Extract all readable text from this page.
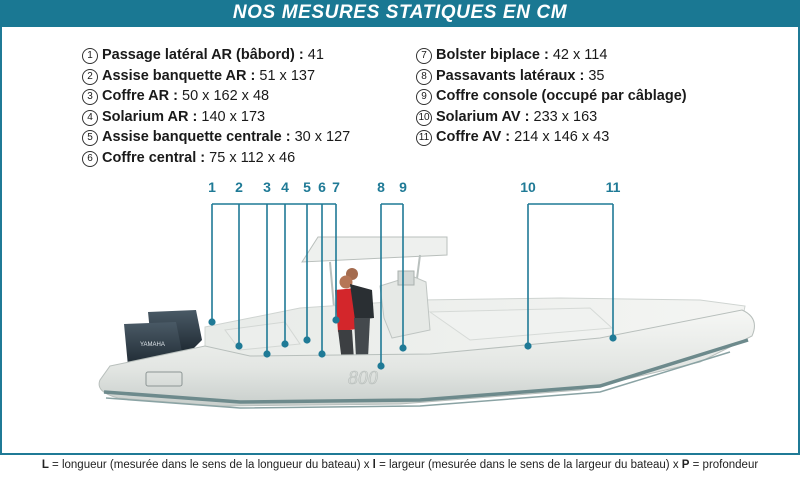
NOS MESURES STATIQUES EN CM
1 Passage latéral AR (bâbord) : 41
2 Assise banquette AR : 51 x 137
3 Coffre AR : 50 x 162 x 48
4 Solarium AR : 140 x 173
5 Assise banquette centrale : 30 x 127
6 Coffre central : 75 x 112 x 46
7 Bolster biplace : 42 x 114
8 Passavants latéraux : 35
9 Coffre console (occupé par câblage)
10 Solarium AV : 233 x 163
11 Coffre AV : 214 x 146 x 43
YAMAHA
800
1 2 3 4 5 6 7	8 9	10	11
L = longueur (mesurée dans le sens de la longueur du bateau) x l = largeur (mesurée dans le sens de la largeur du bateau) x P = profondeur
